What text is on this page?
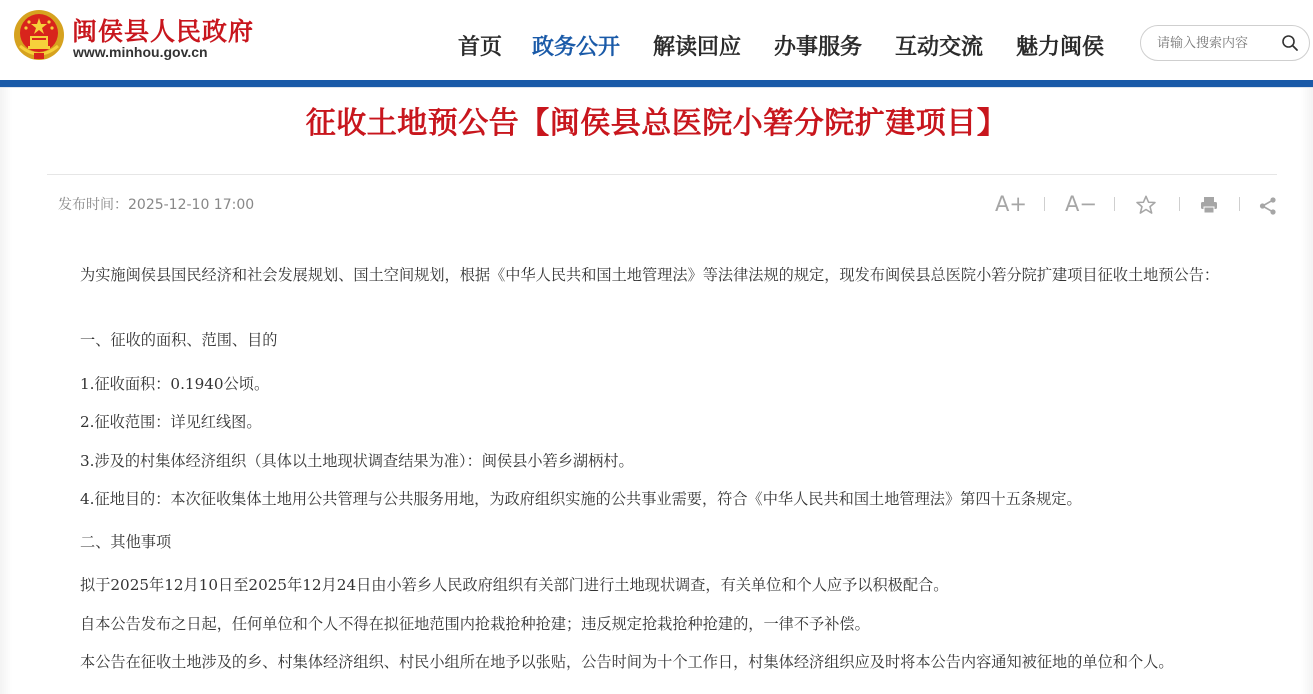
闽侯县人民政府
www.minhou.gov.cn	首页 政务公开 解读回应 办事服务 互动交流 魅力闽侯
请输入搜索内容
征收土地预公告【闽侯县总医院小箬分院扩建项目】
发布时间：2025-12-10 17:00	A+ A−
为实施闽侯县国民经济和社会发展规划、国土空间规划，根据《中华人民共和国土地管理法》等法律法规的规定，现发布闽侯县总医院小箬分院扩建项目征收土地预公告：
一、征收的面积、范围、目的
1.征收面积：0.1940公顷。
2.征收范围：详见红线图。
3.涉及的村集体经济组织（具体以土地现状调查结果为准）：闽侯县小箬乡湖柄村。
4.征地目的：本次征收集体土地用公共管理与公共服务用地，为政府组织实施的公共事业需要，符合《中华人民共和国土地管理法》第四十五条规定。
二、其他事项
拟于2025年12月10日至2025年12月24日由小箬乡人民政府组织有关部门进行土地现状调查，有关单位和个人应予以积极配合。
自本公告发布之日起，任何单位和个人不得在拟征地范围内抢栽抢种抢建；违反规定抢栽抢种抢建的，一律不予补偿。
本公告在征收土地涉及的乡、村集体经济组织、村民小组所在地予以张贴，公告时间为十个工作日，村集体经济组织应及时将本公告内容通知被征地的单位和个人。
